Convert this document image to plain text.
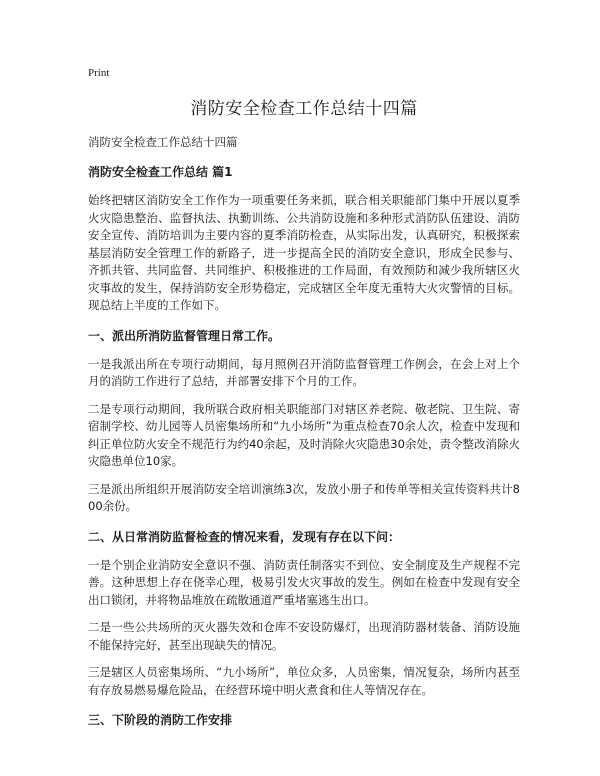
Print
消防安全检查工作总结十四篇
消防安全检查工作总结十四篇
消防安全检查工作总结 篇1

始终把辖区消防安全工作作为一项重要任务来抓，联合相关职能部门集中开展以夏季火灾隐患整治、监督执法、执勤训练、公共消防设施和多种形式消防队伍建设、消防安全宣传、消防培训为主要内容的夏季消防检查，从实际出发，认真研究，积极探索基层消防安全管理工作的新路子，进一步提高全民的消防安全意识，形成全民参与、齐抓共管、共同监督、共同维护、积极推进的工作局面，有效预防和减少我所辖区火灾事故的发生，保持消防安全形势稳定，完成辖区全年度无重特大火灾警情的目标。现总结上半度的工作如下。

一、派出所消防监督管理日常工作。

一是我派出所在专项行动期间，每月照例召开消防监督管理工作例会，在会上对上个月的消防工作进行了总结，并部署安排下个月的工作。

二是专项行动期间，我所联合政府相关职能部门对辖区养老院、敬老院、卫生院、寄宿制学校、幼儿园等人员密集场所和“九小场所”为重点检查70余人次，检查中发现和纠正单位防火安全不规范行为约40余起，及时消除火灾隐患30余处，责令整改消除火灾隐患单位10家。

三是派出所组织开展消防安全培训演练3次，发放小册子和传单等相关宣传资料共计800余份。

二、从日常消防监督检查的情况来看，发现有存在以下问：

一是个别企业消防安全意识不强、消防责任制落实不到位、安全制度及生产规程不完善。这种思想上存在侥幸心理，极易引发火灾事故的发生。例如在检查中发现有安全出口锁闭，并将物品堆放在疏散通道严重堵塞逃生出口。

二是一些公共场所的灭火器失效和仓库不安设防爆灯，出现消防器材装备、消防设施不能保持完好，甚至出现缺失的情况。

三是辖区人员密集场所、“九小场所”，单位众多，人员密集，情况复杂，场所内甚至有存放易燃易爆危险品，在经营环境中明火煮食和住人等情况存在。

三、下阶段的消防工作安排
